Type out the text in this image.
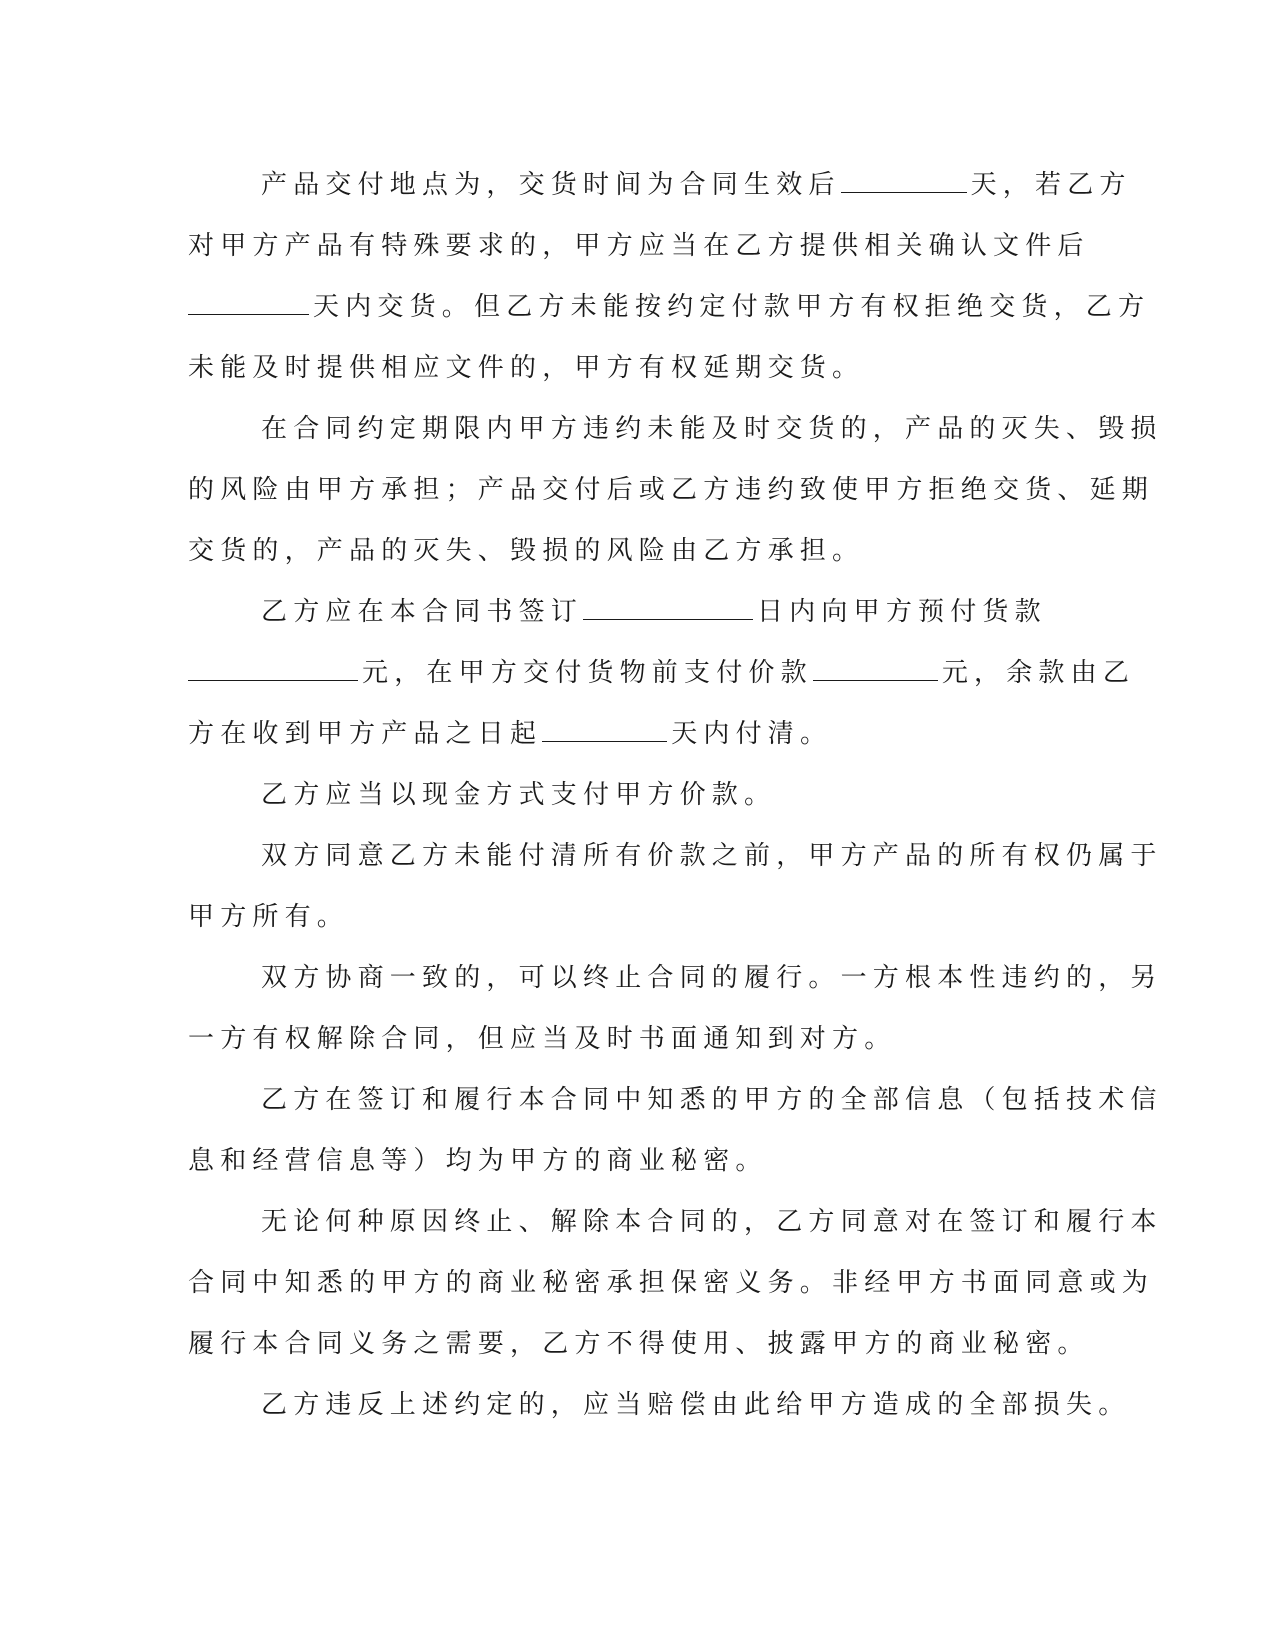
产品交付地点为，交货时间为合同生效后	天，若乙方
对甲方产品有特殊要求的，甲方应当在乙方提供相关确认文件后
天内交货。但乙方未能按约定付款甲方有权拒绝交货，乙方
未能及时提供相应文件的，甲方有权延期交货。
在合同约定期限内甲方违约未能及时交货的，产品的灭失、毁损
的风险由甲方承担；产品交付后或乙方违约致使甲方拒绝交货、延期
交货的，产品的灭失、毁损的风险由乙方承担。
乙方应在本合同书签订	日内向甲方预付货款
元，在甲方交付货物前支付价款	元，余款由乙
方在收到甲方产品之日起	天内付清。
乙方应当以现金方式支付甲方价款。
双方同意乙方未能付清所有价款之前，甲方产品的所有权仍属于
甲方所有。
双方协商一致的，可以终止合同的履行。一方根本性违约的，另
一方有权解除合同，但应当及时书面通知到对方。
乙方在签订和履行本合同中知悉的甲方的全部信息（包括技术信
息和经营信息等）均为甲方的商业秘密。
无论何种原因终止、解除本合同的，乙方同意对在签订和履行本
合同中知悉的甲方的商业秘密承担保密义务。非经甲方书面同意或为
履行本合同义务之需要，乙方不得使用、披露甲方的商业秘密。
乙方违反上述约定的，应当赔偿由此给甲方造成的全部损失。
